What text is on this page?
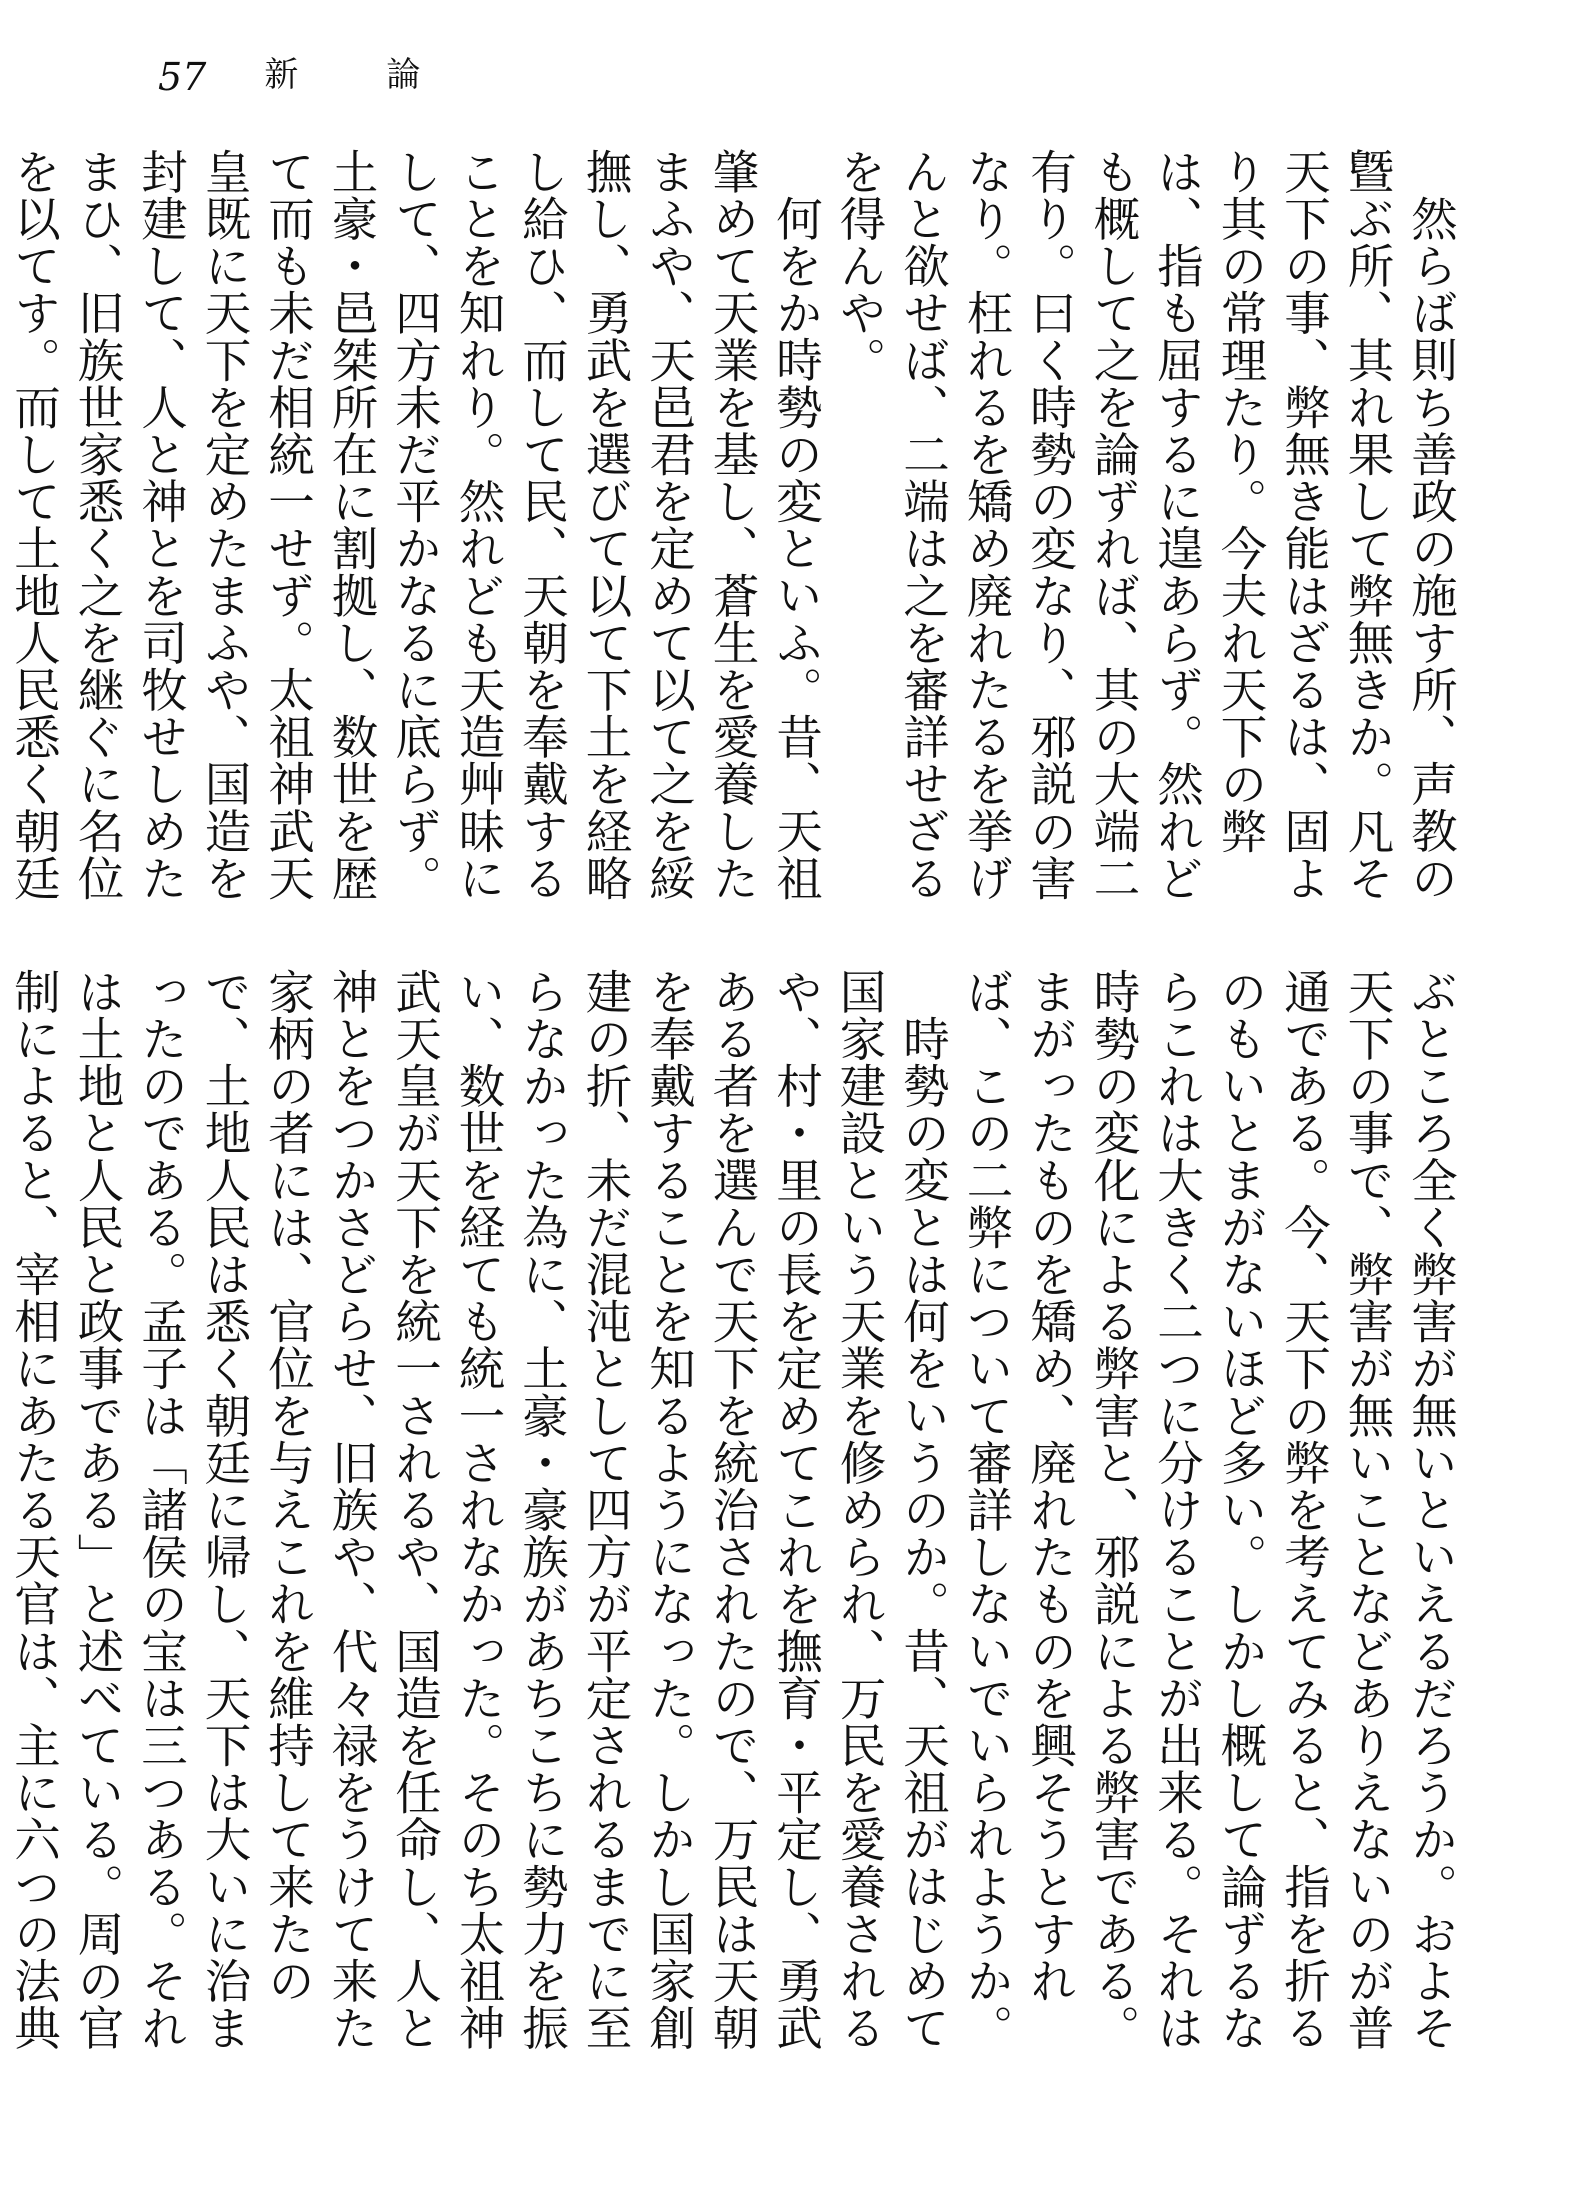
57 新	論

然らば則ち善政の施す所、声教の曁ぶ所、其れ果して弊無きか。凡そ天下の事、弊無き能はざるは、固より其の常理たり。今夫れ天下の弊は、指も屈するに遑あらず。然れども概して之を論ずれば、其の大端二有り。曰く時勢の変なり、邪説の害なり。枉れるを矯め廃れたるを挙げんと欲せば、二端は之を審詳せざるを得んや。

何をか時勢の変といふ。昔、天祖肇めて天業を基し、蒼生を愛養したまふや、天邑君を定めて以て之を綏撫し、勇武を選びて以て下土を経略し給ひ、而して民、天朝を奉戴することを知れり。然れども天造艸昧にして、四方未だ平かなるに底らず。土豪・邑桀所在に割拠し、数世を歴て而も未だ相統一せず。太祖神武天皇既に天下を定めたまふや、国造を封建して、人と神とを司牧せしめたまひ、旧族世家悉く之を継ぐに名位を以てす。而して土地人民悉く朝廷

ぶところ全く弊害が無いといえるだろうか。およそ天下の事で、弊害が無いことなどありえないのが普通である。今、天下の弊を考えてみると、指を折るのもいとまがないほど多い。しかし概して論ずるならこれは大きく二つに分けることが出来る。それは時勢の変化による弊害と、邪説による弊害である。まがったものを矯め、廃れたものを興そうとすれば、この二弊について審詳しないでいられようか。

時勢の変とは何をいうのか。昔、天祖がはじめて国家建設という天業を修められ、万民を愛養されるや、村・里の長を定めてこれを撫育・平定し、勇武ある者を選んで天下を統治されたので、万民は天朝を奉戴することを知るようになった。しかし国家創建の折、未だ混沌として四方が平定されるまでに至らなかった為に、土豪・豪族があちこちに勢力を振い、数世を経ても統一されなかった。そのち太祖神武天皇が天下を統一されるや、国造を任命し、人と神とをつかさどらせ、旧族や、代々禄をうけて来た家柄の者には、官位を与えこれを維持して来たので、土地人民は悉く朝廷に帰し、天下は大いに治まったのである。孟子は「諸侯の宝は三つある。それは土地と人民と政事である」と述べている。周の官制によると、宰相にあたる天官は、主に六つの法典
